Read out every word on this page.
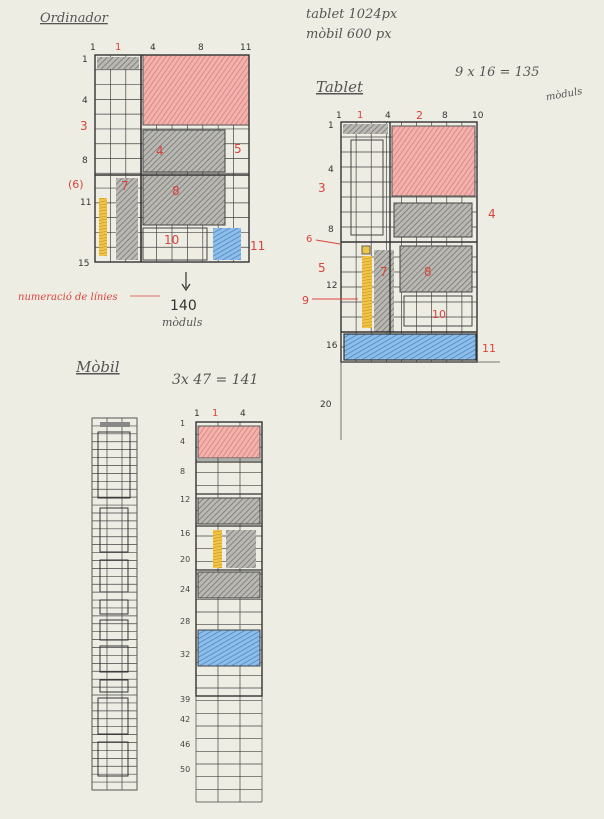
Ordinador	tablet 1024px
mòbil 600 px
9 x 16 = 135
mòduls
1 1	4	8	11
1
4
8
11
15
3
(6)	7
4	5
8
10	11
numeració de línies
140
mòduls
Tablet
1 1 4	8	10
2
1
4
8
12
16
20
3
4
5
6
7	8
9
10
11
Mòbil
3x 47 = 141
1 1 4
1
4
8
12
16
20
24
28
32
39
42
46
50
